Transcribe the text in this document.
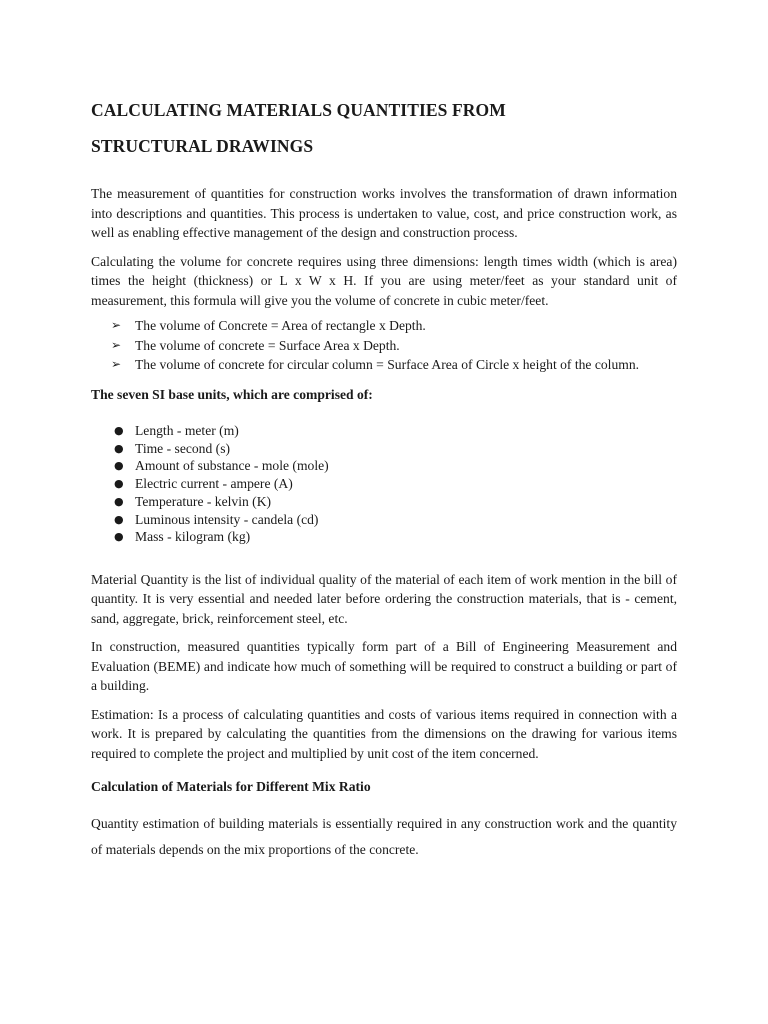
CALCULATING MATERIALS QUANTITIES FROM
STRUCTURAL DRAWINGS

The measurement of quantities for construction works involves the transformation of drawn information into descriptions and quantities. This process is undertaken to value, cost, and price construction work, as well as enabling effective management of the design and construction process.

Calculating the volume for concrete requires using three dimensions: length times width (which is area) times the height (thickness) or L x W x H. If you are using meter/feet as your standard unit of measurement, this formula will give you the volume of concrete in cubic meter/feet.

➢ The volume of Concrete = Area of rectangle x Depth.
➢ The volume of concrete = Surface Area x Depth.
➢ The volume of concrete for circular column = Surface Area of Circle x height of the column.
The seven SI base units, which are comprised of:
● Length - meter (m)
● Time - second (s)
● Amount of substance - mole (mole)
● Electric current - ampere (A)
● Temperature - kelvin (K)
● Luminous intensity - candela (cd)
● Mass - kilogram (kg)

Material Quantity is the list of individual quality of the material of each item of work mention in the bill of quantity. It is very essential and needed later before ordering the construction materials, that is - cement, sand, aggregate, brick, reinforcement steel, etc.

In construction, measured quantities typically form part of a Bill of Engineering Measurement and Evaluation (BEME) and indicate how much of something will be required to construct a building or part of a building.

Estimation: Is a process of calculating quantities and costs of various items required in connection with a work. It is prepared by calculating the quantities from the dimensions on the drawing for various items required to complete the project and multiplied by unit cost of the item concerned.

Calculation of Materials for Different Mix Ratio

Quantity estimation of building materials is essentially required in any construction work and the quantity of materials depends on the mix proportions of the concrete.
